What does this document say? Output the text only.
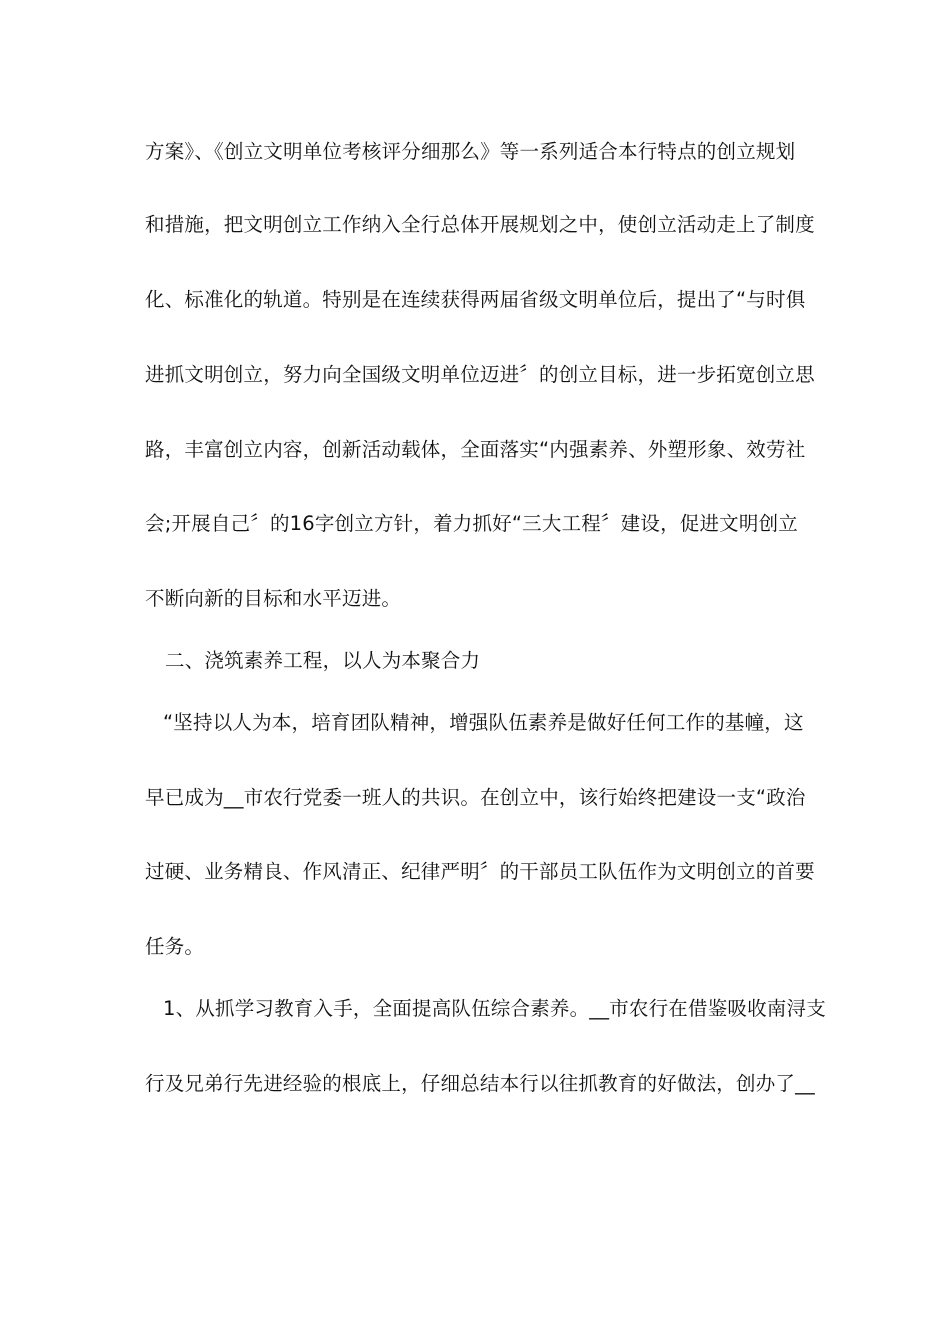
方案》、《创立文明单位考核评分细那么》等一系列适合本行特点的创立规划
和措施，把文明创立工作纳入全行总体开展规划之中，使创立活动走上了制度
化、标准化的轨道。特别是在连续获得两届省级文明单位后，提出了“与时俱
进抓文明创立，努力向全国级文明单位迈进〞的创立目标，进一步拓宽创立思
路，丰富创立内容，创新活动载体，全面落实“内强素养、外塑形象、效劳社
会;开展自己〞的16字创立方针，着力抓好“三大工程〞建设，促进文明创立
不断向新的目标和水平迈进。
二、浇筑素养工程，以人为本聚合力
“坚持以人为本，培育团队精神，增强队伍素养是做好任何工作的基幢，这
早已成为__市农行党委一班人的共识。在创立中，该行始终把建设一支“政治
过硬、业务精良、作风清正、纪律严明〞的干部员工队伍作为文明创立的首要
任务。
1、从抓学习教育入手，全面提高队伍综合素养。__市农行在借鉴吸收南浔支
行及兄弟行先进经验的根底上，仔细总结本行以往抓教育的好做法，创办了__
